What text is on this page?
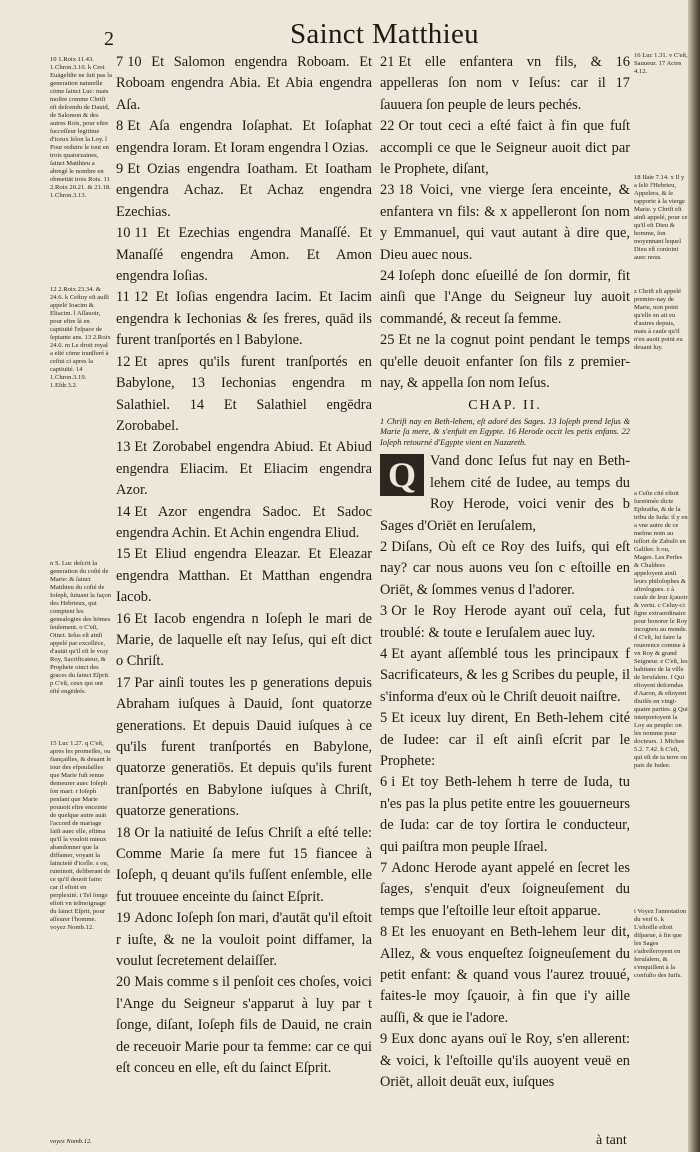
2	Sainct Matthieu
10 1.Roix 11.43. 1.Chron.3.10. k Cest Euāgeliſte ne ſuit pas la generation naturelle cōme ſainct Luc: mais moſtre comme Chriſt eſt deſcendu de Dauid, de Salomon & des autres Rois, pour eſtre ſucceſſeur legitime d'iceux ſelon la Loy. l Pour reduire le tout en trois quatorzaines, ſainct Matthieu a abregé le nombre en obmettāt trois Rois. 11 2.Roix 20.21. & 21.18. 1.Chron.3.13.
12 2.Roix 23.34. & 24.6. k Ceſtuy eſt auſſi appelé Ioacim & Eliacim. l Aſſauoir, pour eſtre là en captiuité l'eſpace de ſeptante ans. 13 2.Roix 24.6. m Le droit royal a eſté cōme tranſferé à ceſtui ci apres la captiuité. 14 1.Chron.3.19. 1.Eſdr.3.2.
n S. Luc deſcrit la generation du coſté de Marie: & ſainct Matthieu du coſté de Ioſeph, ſuiuant la façon des Hebrieux, qui comptent les genealogies des hōmes ſeulement. o C'eſt, Oinct. Ieſus eſt ainſi appelé par excellēce, d'autāt qu'il eſt le vray Roy, Sacrificateur, & Prophete oinct des graces du ſainct Eſprit. p C'eſt, ceux qui ont eſté engēdrés.
15 Luc 1.27. q C'eſt, apres les promeſſes, ou fiançailles, & deuant le iour des eſpouſailles que Marie fuſt renue demeurer auec Ioſeph ſon mari. r Ioſeph penſant que Marie pouuoit eſtre enceinte de quelque autre auāt l'accord de mariage faiſt auec elle, eſtima qu'il la vouloit mieux abandonner que la diffamer, voyant la ſainctetè d'icelle. s ou, ruminoit, deliberant de ce qu'il deuoit faire: car il eſtoit en perplexité. t Tel ſonge eſtoit vn teſmoignage du ſainct Eſprit, pour aſſeurer l'homme. voyez Nomb.12.

7 10 Et Salomon engendra Roboam. Et Roboam engendra Abia. Et Abia engendra Aſa.

8 Et Aſa engendra Ioſaphat. Et Ioſaphat engendra Ioram. Et Ioram engendra l Ozias.

9 Et Ozias engendra Ioatham. Et Ioatham engendra Achaz. Et Achaz engendra Ezechias.

10 11 Et Ezechias engendra Manaſſé. Et Manaſſé engendra Amon. Et Amon engendra Ioſias.

11 12 Et Ioſias engendra Iacim. Et Iacim engendra k Iechonias & ſes freres, quād ils furent tranſportés en l Babylone.

12 Et apres qu'ils furent tranſportés en Babylone, 13 Iechonias engendra m Salathiel. 14 Et Salathiel engēdra Zorobabel.

13 Et Zorobabel engendra Abiud. Et Abiud engendra Eliacim. Et Eliacim engendra Azor.

14 Et Azor engendra Sadoc. Et Sadoc engendra Achin. Et Achin engendra Eliud.

15 Et Eliud engendra Eleazar. Et Eleazar engendra Matthan. Et Matthan engendra Iacob.

16 Et Iacob engendra n Ioſeph le mari de Marie, de laquelle eſt nay Ieſus, qui eſt dict o Chriſt.

17 Par ainſi toutes les p generations depuis Abraham iuſques à Dauid, ſont quatorze generations. Et depuis Dauid iuſques à ce qu'ils furent tranſportés en Babylone, quatorze generatiōs. Et depuis qu'ils furent tranſportés en Babylone iuſques à Chriſt, quatorze generations.

18 Or la natiuité de Ieſus Chriſt a eſté telle: Comme Marie ſa mere fut 15 fiancee à Ioſeph, q deuant qu'ils fuſſent enſemble, elle fut trouuee enceinte du ſainct Eſprit.

19 Adonc Ioſeph ſon mari, d'autāt qu'il eſtoit r iuſte, & ne la vouloit point diffamer, la voulut ſecretement delaiſſer.

20 Mais comme s il penſoit ces choſes, voici l'Ange du Seigneur s'apparut à luy par t ſonge, diſant, Ioſeph fils de Dauid, ne crain de receuoir Marie pour ta femme: car ce qui eſt conceu en elle, eſt du ſainct Eſprit.

21 Et elle enfantera vn fils, & 16 appelleras ſon nom v Ieſus: car il 17 ſauuera ſon peuple de leurs pechés.

22 Or tout ceci a eſté faict à fin que fuſt accompli ce que le Seigneur auoit dict par le Prophete, diſant,

23 18 Voici, vne vierge ſera enceinte, & enfantera vn fils: & x appelleront ſon nom y Emmanuel, qui vaut autant à dire que, Dieu auec nous.

24 Ioſeph donc eſueillé de ſon dormir, fit ainſi que l'Ange du Seigneur luy auoit commandé, & receut ſa femme.

25 Et ne la cognut point pendant le temps qu'elle deuoit enfanter ſon fils z premier-nay, & appella ſon nom Ieſus.

CHAP. II.
1 Chriſt nay en Beth-lehem, eſt adoré des Sages. 13 Ioſeph prend Ieſus & Marie ſa mere, & s'enfuit en Egypte. 16 Herode occit les petis enfans. 22 Ioſeph retourné d'Egypte vient en Nazareth.

Q Vand donc Ieſus fut nay en Beth-lehem cité de Iudee, au temps du Roy Herode, voici venir des b Sages d'Oriēt en Ieruſalem,

2 Diſans, Où eſt ce Roy des Iuifs, qui eſt nay? car nous auons veu ſon c eſtoille en Oriēt, & ſommes venus d l'adorer.

3 Or le Roy Herode ayant ouï cela, fut troublé: & toute e Ieruſalem auec luy.

4 Et ayant aſſemblé tous les principaux f Sacrificateurs, & les g Scribes du peuple, il s'informa d'eux où le Chriſt deuoit naiſtre.

5 Et iceux luy dirent, En Beth-lehem cité de Iudee: car il eſt ainſi eſcrit par le Prophete:

6 i Et toy Beth-lehem h terre de Iuda, tu n'es pas la plus petite entre les gouuerneurs de Iuda: car de toy ſortira le conducteur, qui paiſtra mon peuple Iſrael.

7 Adonc Herode ayant appelé en ſecret les ſages, s'enquit d'eux ſoigneuſement du temps que l'eſtoille leur eſtoit apparue.

8 Et les enuoyant en Beth-lehem leur dit, Allez, & vous enqueſtez ſoigneuſement du petit enfant: & quand vous l'aurez trouué, faites-le moy ſçauoir, à fin que i'y aille auſſi, & que ie l'adore.

9 Eux donc ayans ouï le Roy, s'en allerent: & voici, k l'eſtoille qu'ils auoyent veuë en Oriēt, alloit deuāt eux, iuſques

16 Luc 1.31. v C'eſt, Sauueur. 17 Actes 4.12.
18 Iſaie 7.14. x Il y a ſelō l'Hebrieu, Appelera, & ſe rapporte à la vierge Marie. y Chriſt eſt ainſi appelé, pour ce qu'il eſt Dieu & homme, ſon moyennant lequel Dieu eſt conioint auec nous.
z Chriſt eſt appelé premier-nay de Marie, non point qu'elle en ait eu d'autres depuis, mais à cauſe qu'il n'en auoit point eu deuant luy.
a Ceſte cité eſtoit ſurnōmée dicte Ephratha, & de la tribu de Iuda: il y en a vne autre de ce meſme nom au teſſort de Zabulō en Galilee. b ou, Mages. Les Perſes & Chaldees appeloyent ainſi leurs philoſophes & aſtrologues. c à cauſe de leur ſçauoir & vertu. c Celuy-ci ſigne extraordinaire pour honorer le Roy incogneu au monde. d C'eſt, lui faire la reuerence comme à vn Roy & grand Seigneur. e C'eſt, les habitans de la ville de Ieruſalem. f Qui eſtoyent deſcendus d'Aaron, & eſtoyent diuiſés en vingt-quatre parties. g Qui interpretoyent la Loy au peuple: on les nomme pour docteurs. 1 Michee 5.2. 7.42. h C'eſt, qui eſt de ta terre ou pais de Iudee.
i Voyez l'annotation du verſ 6. k L'eſtoille eſtoit diſparue, à fin que les Sages s'adreſſeroyent en Ieruſalem, & s'enquiſſent à la confuſio des Iuifs.
à tant
voyez Nomb.12.
